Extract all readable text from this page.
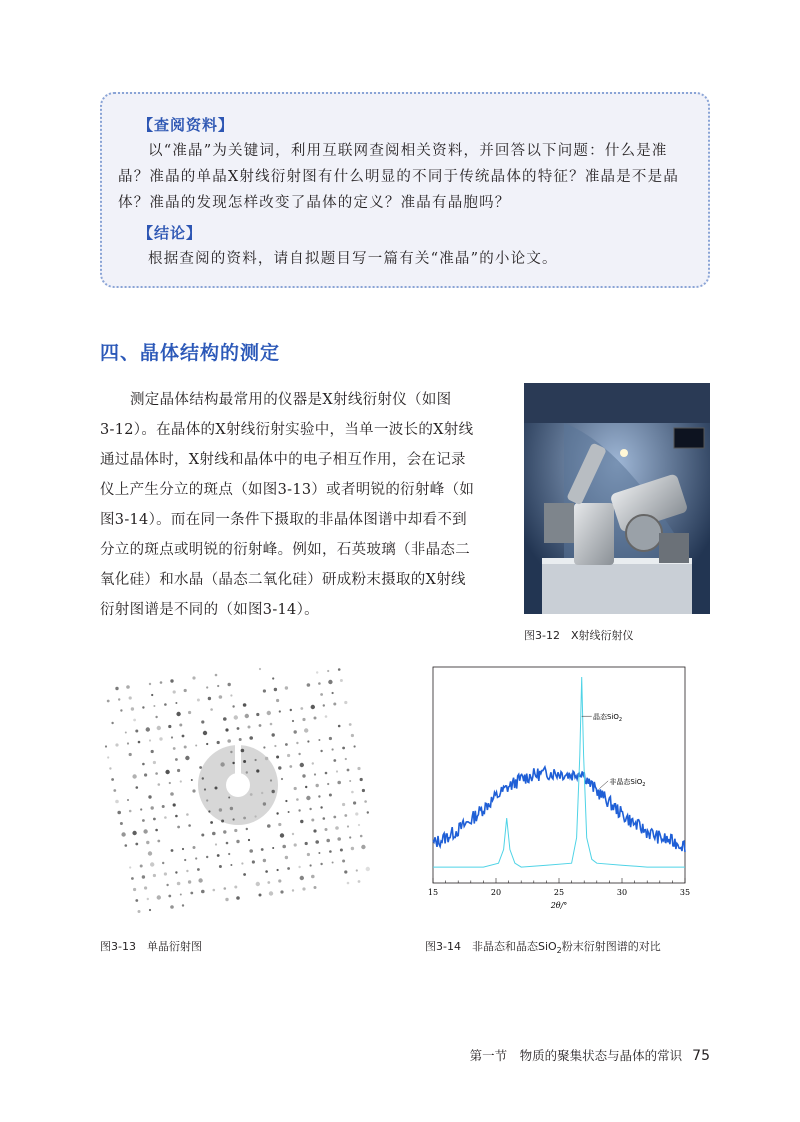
【查阅资料】
以“准晶”为关键词，利用互联网查阅相关资料，并回答以下问题：什么是准
晶？准晶的单晶X射线衍射图有什么明显的不同于传统晶体的特征？准晶是不是晶
体？准晶的发现怎样改变了晶体的定义？准晶有晶胞吗？
【结论】
根据查阅的资料，请自拟题目写一篇有关“准晶”的小论文。
四、晶体结构的测定
测定晶体结构最常用的仪器是X射线衍射仪（如图
3-12）。在晶体的X射线衍射实验中，当单一波长的X射线
通过晶体时，X射线和晶体中的电子相互作用，会在记录
仪上产生分立的斑点（如图3-13）或者明锐的衍射峰（如
图3-14）。而在同一条件下摄取的非晶体图谱中却看不到
分立的斑点或明锐的衍射峰。例如，石英玻璃（非晶态二
氧化硅）和水晶（晶态二氧化硅）研成粉末摄取的X射线
衍射图谱是不同的（如图3-14）。
图3-12　X射线衍射仪
图3-13　单晶衍射图
15	20	25	30	35
2θ/°
晶态SiO$_2$
非晶态SiO$_2$
图3-14　非晶态和晶态SiO$_2$粉末衍射图谱的对比
第一节　物质的聚集状态与晶体的常识 75
